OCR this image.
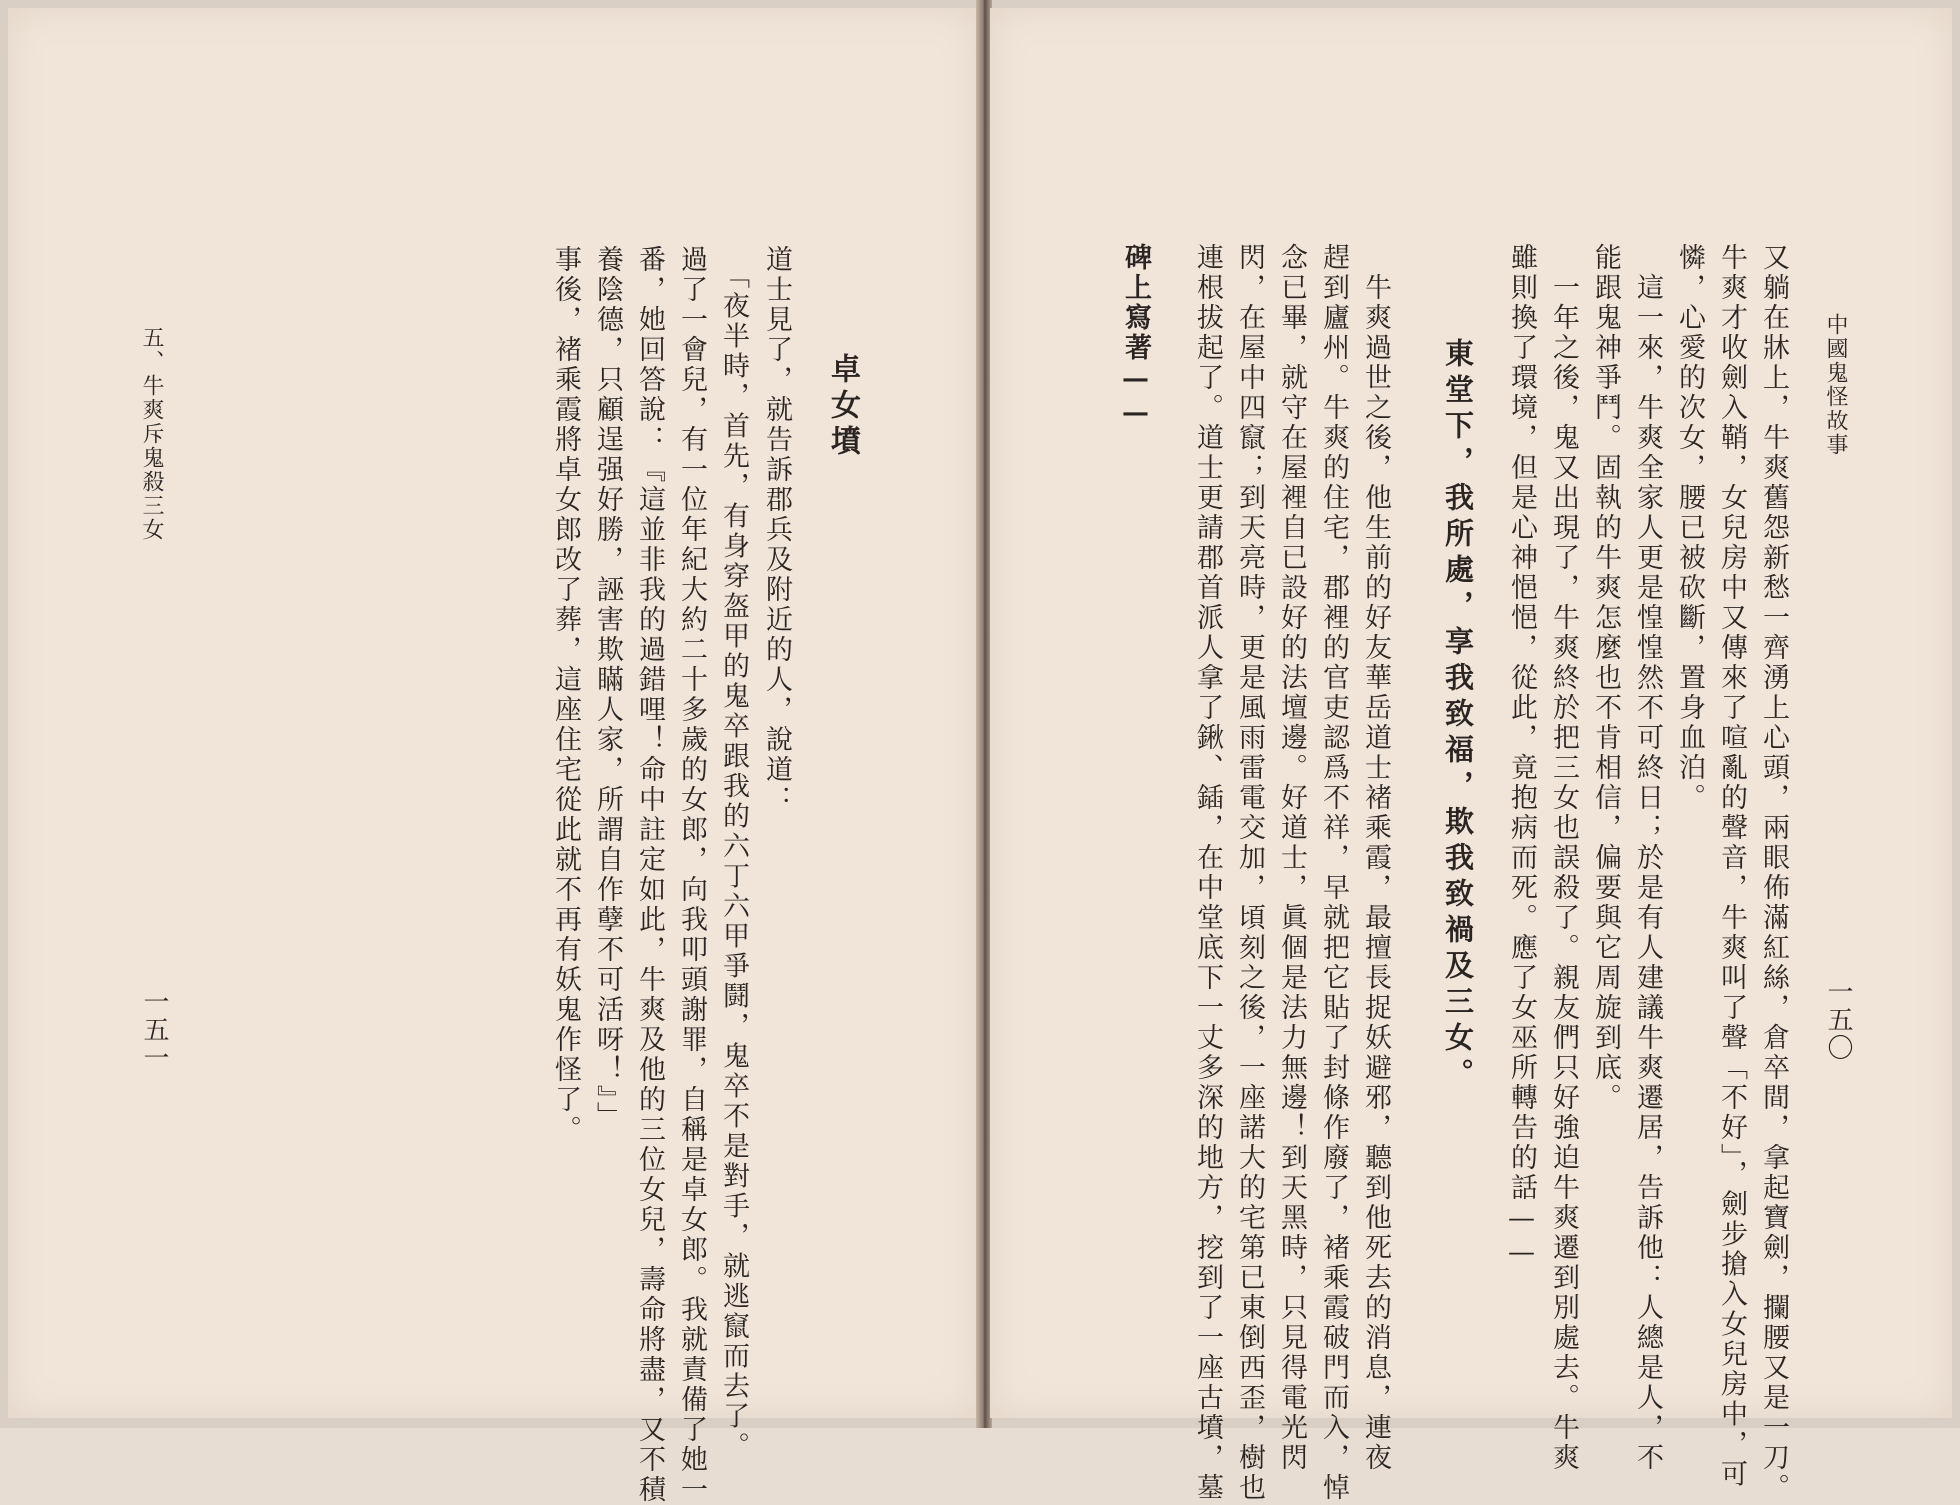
五、牛爽斥鬼殺三女
一五一
卓女墳
道士見了，就告訴郡兵及附近的人，說道：
　「夜半時，首先，有身穿盔甲的鬼卒跟我的六丁六甲爭鬪，鬼卒不是對手，就逃竄而去了。
過了一會兒，有一位年紀大約二十多歲的女郎，向我叩頭謝罪，自稱是卓女郎。我就責備了她一
番，她回答說：『這並非我的過錯哩！命中註定如此，牛爽及他的三位女兒，壽命將盡，又不積
養陰德，只顧逞强好勝，誣害欺瞞人家，所謂自作孽不可活呀！』」
事後，褚乘霞將卓女郎改了葬，這座住宅從此就不再有妖鬼作怪了。	中國鬼怪故事
一五〇
又躺在牀上，牛爽舊怨新愁一齊湧上心頭，兩眼佈滿紅絲，倉卒間，拿起寶劍，攔腰又是一刀。
牛爽才收劍入鞘，女兒房中又傳來了喧亂的聲音，牛爽叫了聲「不好」，劍步搶入女兒房中，可
憐，心愛的次女，腰已被砍斷，置身血泊。
　這一來，牛爽全家人更是惶惶然不可終日；於是有人建議牛爽遷居，告訴他：人總是人，不
能跟鬼神爭鬥。固執的牛爽怎麼也不肯相信，偏要與它周旋到底。
　一年之後，鬼又出現了，牛爽終於把三女也誤殺了。親友們只好強迫牛爽遷到別處去。牛爽
雖則換了環境，但是心神悒悒，從此，竟抱病而死。應了女巫所轉告的話——
東堂下，我所處，享我致福，欺我致禍及三女。
　牛爽過世之後，他生前的好友華岳道士褚乘霞，最擅長捉妖避邪，聽到他死去的消息，連夜
趕到廬州。牛爽的住宅，郡裡的官吏認爲不祥，早就把它貼了封條作廢了，褚乘霞破門而入，悼
念已畢，就守在屋裡自已設好的法壇邊。好道士，眞個是法力無邊！到天黑時，只見得電光閃
閃，在屋中四竄；到天亮時，更是風雨雷電交加，頃刻之後，一座諾大的宅第已東倒西歪，樹也
連根拔起了。道士更請郡首派人拿了鍬、鍤，在中堂底下一丈多深的地方，挖到了一座古墳，墓
碑上寫著——
